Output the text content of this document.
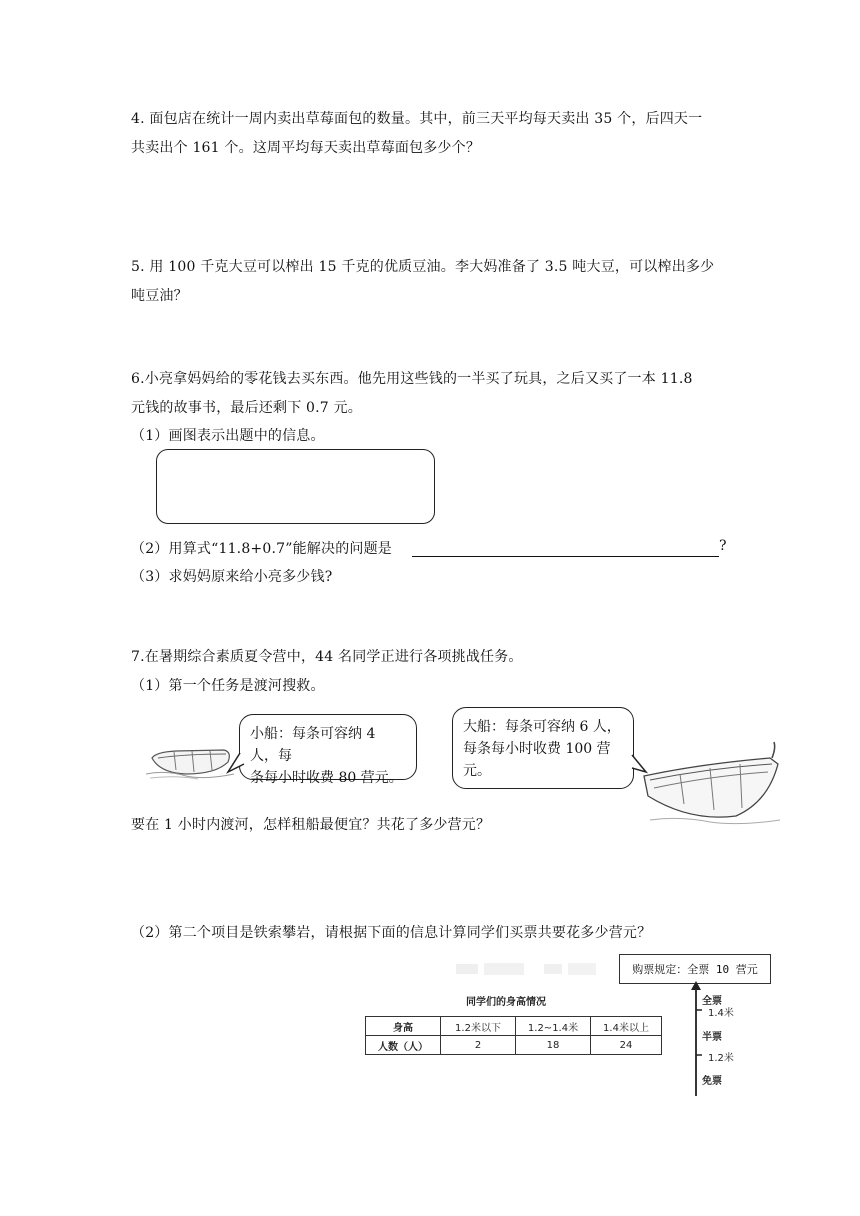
4. 面包店在统计一周内卖出草莓面包的数量。其中，前三天平均每天卖出 35 个，后四天一
共卖出个 161 个。这周平均每天卖出草莓面包多少个？
5. 用 100 千克大豆可以榨出 15 千克的优质豆油。李大妈准备了 3.5 吨大豆，可以榨出多少
吨豆油？
6.小亮拿妈妈给的零花钱去买东西。他先用这些钱的一半买了玩具，之后又买了一本 11.8
元钱的故事书，最后还剩下 0.7 元。
（1）画图表示出题中的信息。
（2）用算式“11.8+0.7”能解决的问题是	?
（3）求妈妈原来给小亮多少钱?
7.在暑期综合素质夏令营中，44 名同学正进行各项挑战任务。
（1）第一个任务是渡河搜救。
小船：每条可容纳 4 人，每
条每小时收费 80 营元。
大船：每条可容纳 6 人，
每条每小时收费 100 营
元。
要在 1 小时内渡河，怎样租船最便宜？共花了多少营元？
（2）第二个项目是铁索攀岩，请根据下面的信息计算同学们买票共要花多少营元？
购票规定：全票 10 营元
同学们的身高情况
身高	1.2米以下	1.2~1.4米	1.4米以上
人数（人）	2	18	24
全票
1.4米
半票
1.2米
免票
